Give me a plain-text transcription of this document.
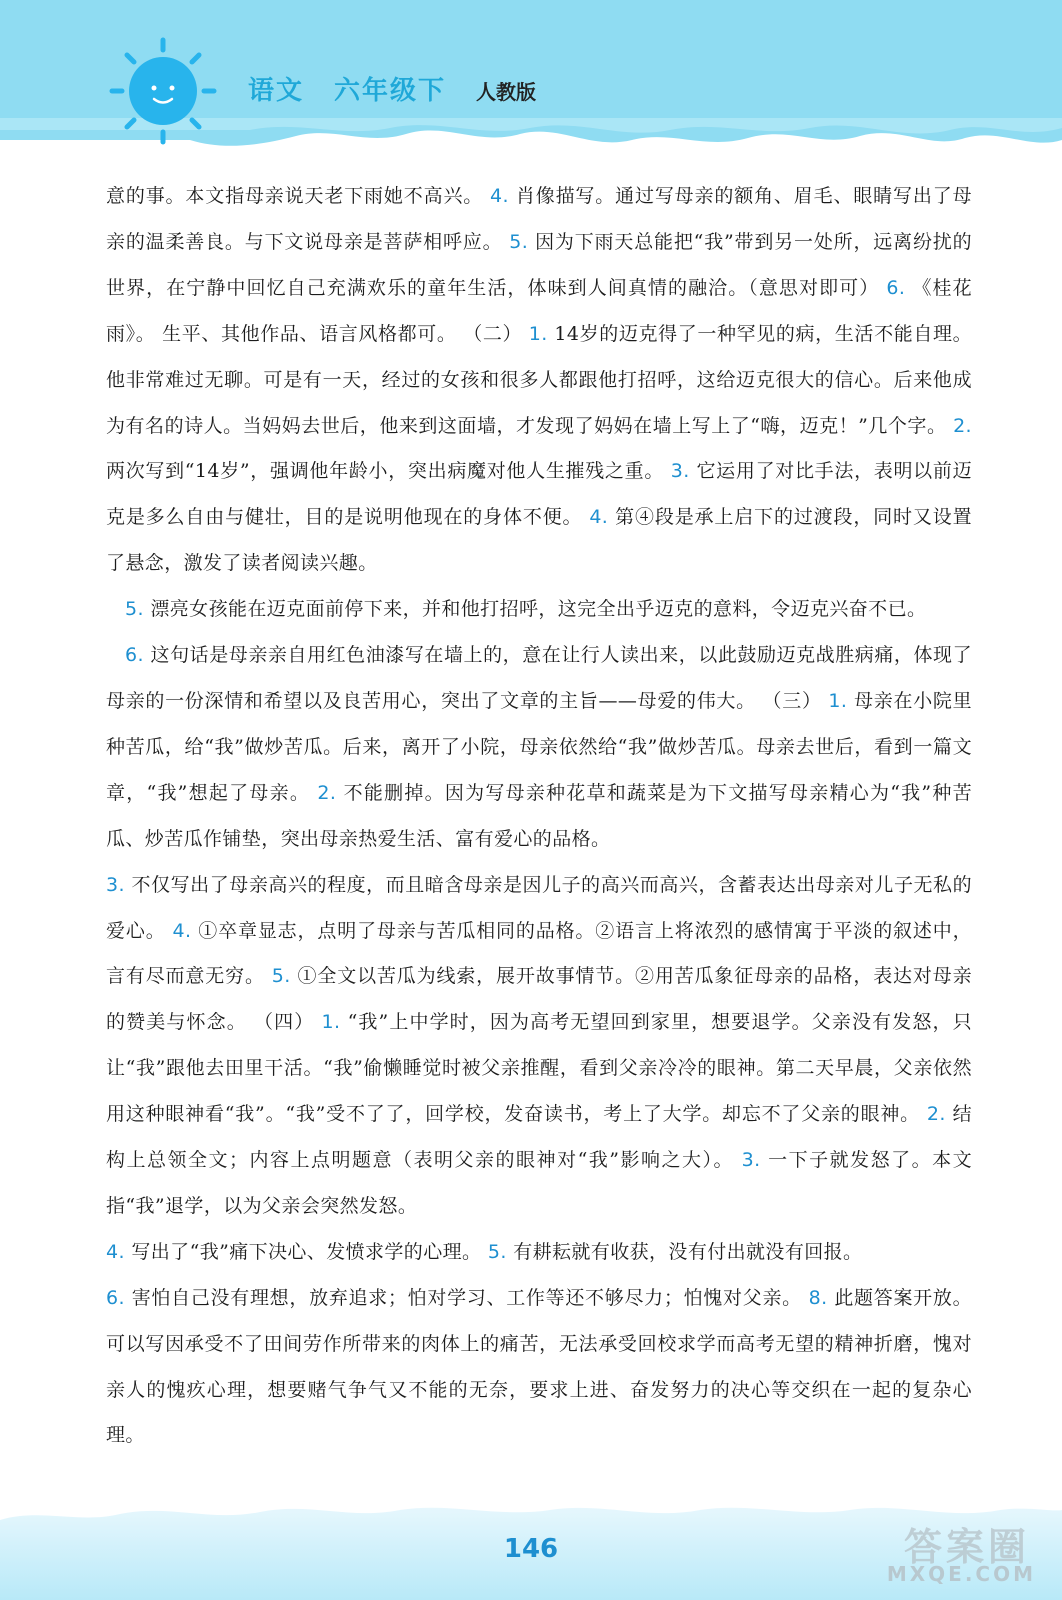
语文 六年级下 人教版

意的事。本文指母亲说天老下雨她不高兴。 4. 肖像描写。通过写母亲的额角、眉毛、眼睛写出了母亲的温柔善良。与下文说母亲是菩萨相呼应。 5. 因为下雨天总能把“我”带到另一处所，远离纷扰的世界，在宁静中回忆自己充满欢乐的童年生活，体味到人间真情的融洽。（意思对即可） 6. 《桂花雨》。 生平、其他作品、语言风格都可。 （二） 1. 14岁的迈克得了一种罕见的病，生活不能自理。他非常难过无聊。可是有一天，经过的女孩和很多人都跟他打招呼，这给迈克很大的信心。后来他成为有名的诗人。当妈妈去世后，他来到这面墙，才发现了妈妈在墙上写上了“嗨，迈克！”几个字。 2. 两次写到“14岁”，强调他年龄小，突出病魔对他人生摧残之重。 3. 它运用了对比手法，表明以前迈克是多么自由与健壮，目的是说明他现在的身体不便。 4. 第④段是承上启下的过渡段，同时又设置了悬念，激发了读者阅读兴趣。

5. 漂亮女孩能在迈克面前停下来，并和他打招呼，这完全出乎迈克的意料，令迈克兴奋不已。

6. 这句话是母亲亲自用红色油漆写在墙上的，意在让行人读出来，以此鼓励迈克战胜病痛，体现了母亲的一份深情和希望以及良苦用心，突出了文章的主旨——母爱的伟大。 （三） 1. 母亲在小院里种苦瓜，给“我”做炒苦瓜。后来，离开了小院，母亲依然给“我”做炒苦瓜。母亲去世后，看到一篇文章，“我”想起了母亲。 2. 不能删掉。因为写母亲种花草和蔬菜是为下文描写母亲精心为“我”种苦瓜、炒苦瓜作铺垫，突出母亲热爱生活、富有爱心的品格。

3. 不仅写出了母亲高兴的程度，而且暗含母亲是因儿子的高兴而高兴，含蓄表达出母亲对儿子无私的爱心。 4. ①卒章显志，点明了母亲与苦瓜相同的品格。②语言上将浓烈的感情寓于平淡的叙述中，言有尽而意无穷。 5. ①全文以苦瓜为线索，展开故事情节。②用苦瓜象征母亲的品格，表达对母亲的赞美与怀念。 （四） 1. “我”上中学时，因为高考无望回到家里，想要退学。父亲没有发怒，只让“我”跟他去田里干活。“我”偷懒睡觉时被父亲推醒，看到父亲冷冷的眼神。第二天早晨，父亲依然用这种眼神看“我”。“我”受不了了，回学校，发奋读书，考上了大学。却忘不了父亲的眼神。 2. 结构上总领全文；内容上点明题意（表明父亲的眼神对“我”影响之大）。 3. 一下子就发怒了。本文指“我”退学，以为父亲会突然发怒。

4. 写出了“我”痛下决心、发愤求学的心理。 5. 有耕耘就有收获，没有付出就没有回报。

6. 害怕自己没有理想，放弃追求；怕对学习、工作等还不够尽力；怕愧对父亲。 8. 此题答案开放。可以写因承受不了田间劳作所带来的肉体上的痛苦，无法承受回校求学而高考无望的精神折磨，愧对亲人的愧疚心理，想要赌气争气又不能的无奈，要求上进、奋发努力的决心等交织在一起的复杂心理。

146	答案圈
MXQE.COM
